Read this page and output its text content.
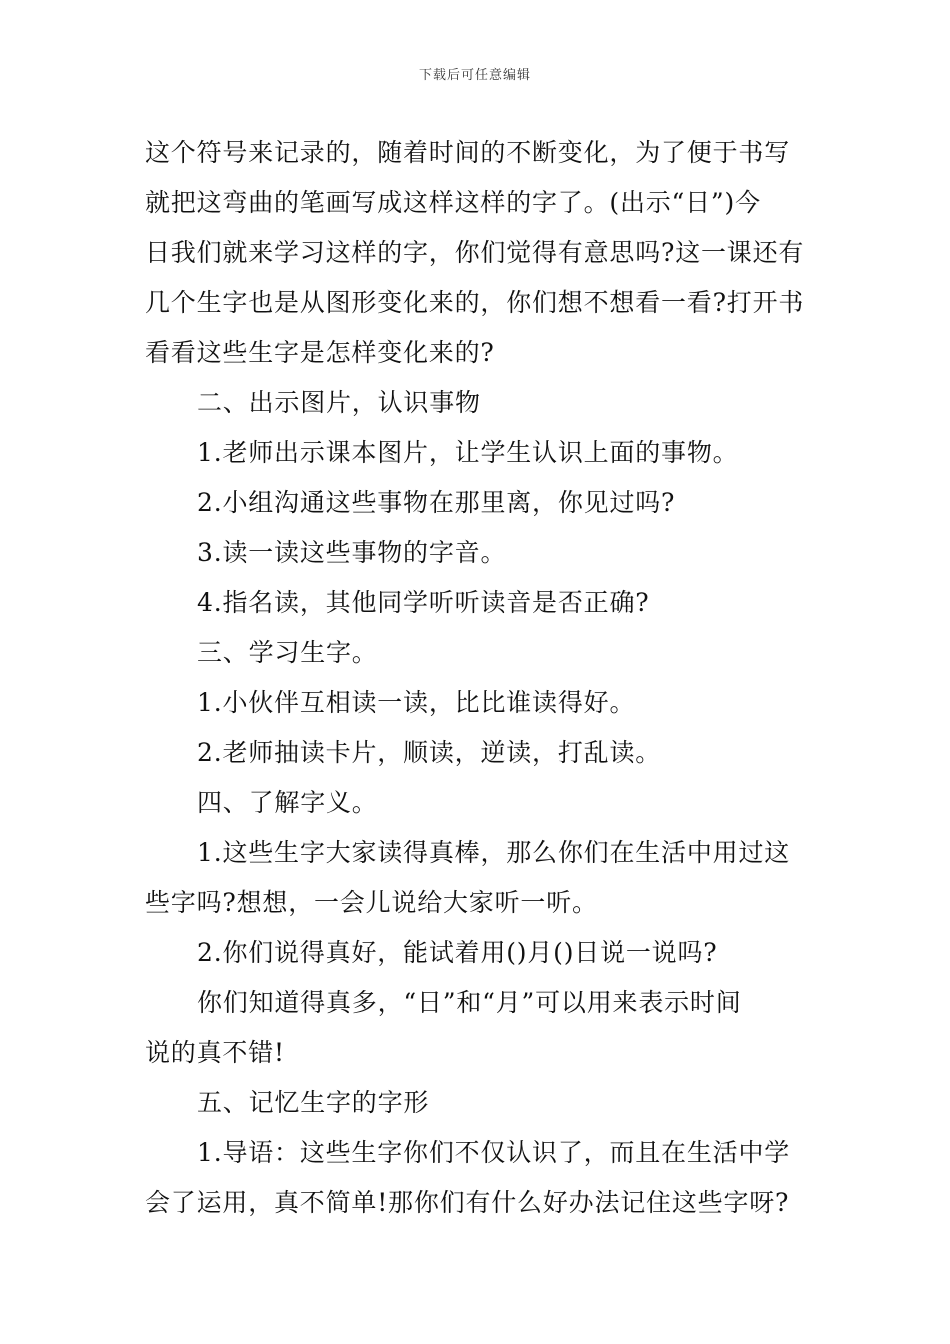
下载后可任意编辑
这个符号来记录的，随着时间的不断变化，为了便于书写
就把这弯曲的笔画写成这样这样的字了。(出示“日”)今
日我们就来学习这样的字，你们觉得有意思吗?这一课还有
几个生字也是从图形变化来的，你们想不想看一看?打开书
看看这些生字是怎样变化来的?
二、出示图片，认识事物
1.老师出示课本图片，让学生认识上面的事物。
2.小组沟通这些事物在那里离，你见过吗?
3.读一读这些事物的字音。
4.指名读，其他同学听听读音是否正确?
三、学习生字。
1.小伙伴互相读一读，比比谁读得好。
2.老师抽读卡片，顺读，逆读，打乱读。
四、了解字义。
1.这些生字大家读得真棒，那么你们在生活中用过这
些字吗?想想，一会儿说给大家听一听。
2.你们说得真好，能试着用()月()日说一说吗?
你们知道得真多，“日”和“月”可以用来表示时间
说的真不错!
五、记忆生字的字形
1.导语：这些生字你们不仅认识了，而且在生活中学
会了运用，真不简单!那你们有什么好办法记住这些字呀?
